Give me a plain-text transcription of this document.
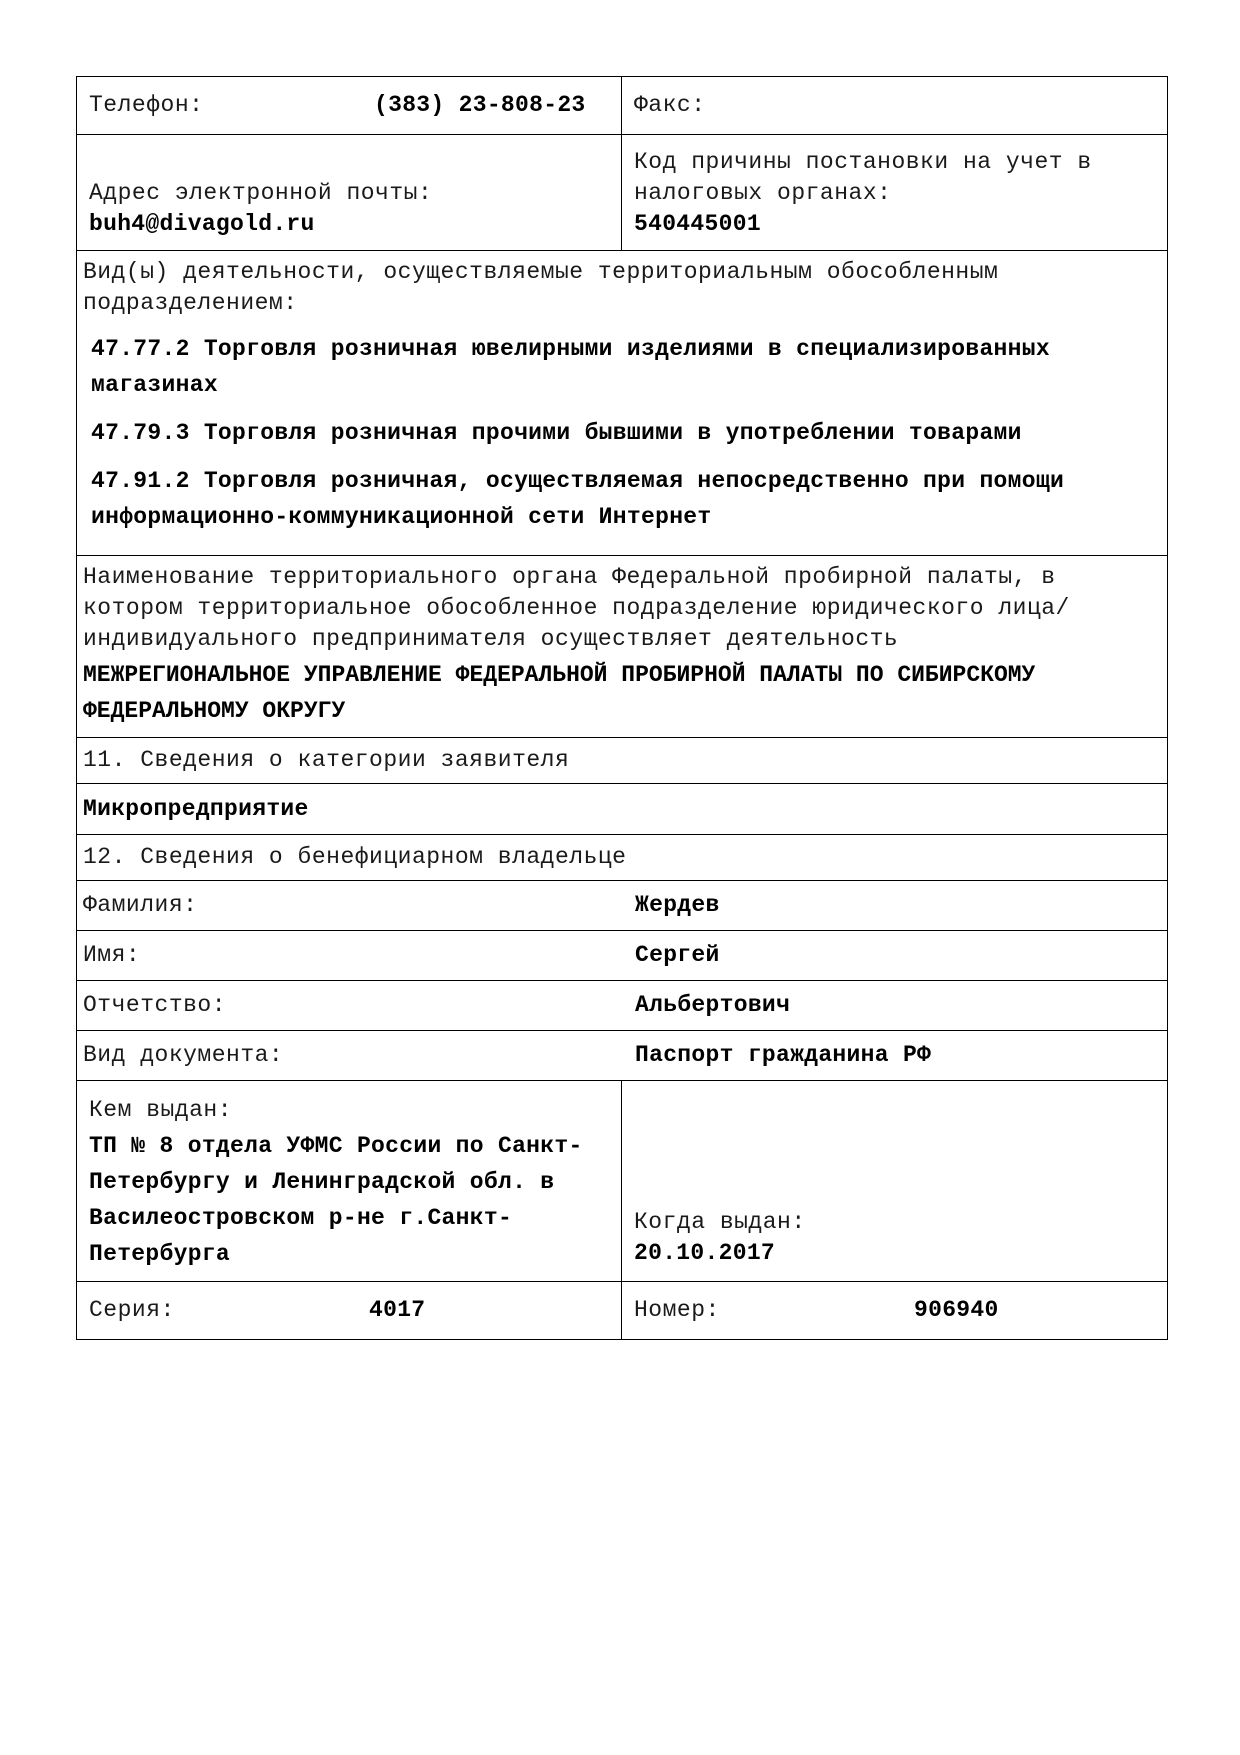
Телефон:	(383) 23-808-23 Факс:
Адрес электронной почты:
buh4@divagold.ru
Код причины постановки на учет в налоговых органах:
540445001
Вид(ы) деятельности, осуществляемые территориальным обособленным подразделением:
47.77.2 Торговля розничная ювелирными изделиями в специализированных магазинах
47.79.3 Торговля розничная прочими бывшими в употреблении товарами
47.91.2 Торговля розничная, осуществляемая непосредственно при помощи информационно-коммуникационной сети Интернет
Наименование территориального органа Федеральной пробирной палаты, в котором территориальное обособленное подразделение юридического лица/индивидуального предпринимателя осуществляет деятельность
МЕЖРЕГИОНАЛЬНОЕ УПРАВЛЕНИЕ ФЕДЕРАЛЬНОЙ ПРОБИРНОЙ ПАЛАТЫ ПО СИБИРСКОМУ ФЕДЕРАЛЬНОМУ ОКРУГУ
11. Сведения о категории заявителя
Микропредприятие
12. Сведения о бенефициарном владельце
Фамилия:	Жердев
Имя:	Сергей
Отчетство:	Альбертович
Вид документа:	Паспорт гражданина РФ
Кем выдан:
ТП № 8 отдела УФМС России по Санкт-Петербургу и Ленинградской обл. в Василеостровском р-не г.Санкт-Петербурга
Когда выдан:
20.10.2017
Серия:	4017	Номер:	906940
